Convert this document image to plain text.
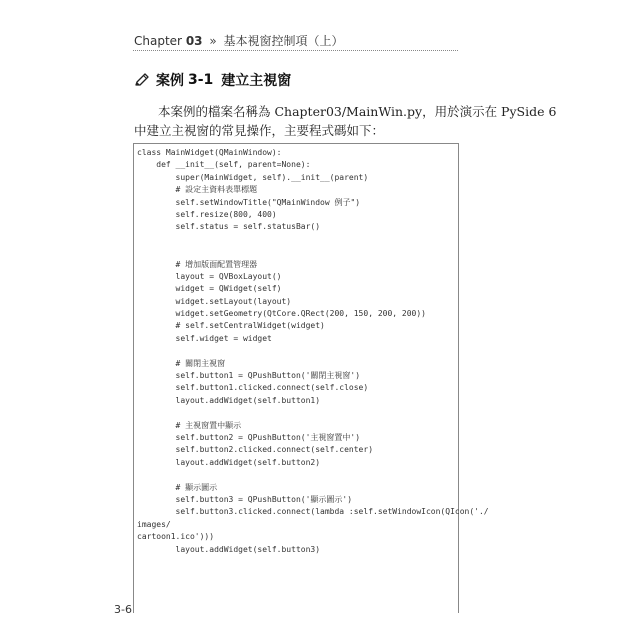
Chapter 03 » 基本視窗控制項（上）
案例 3-1 建立主視窗
本案例的檔案名稱為 Chapter03/MainWin.py，用於演示在 PySide 6
中建立主視窗的常見操作，主要程式碼如下：
class MainWidget(QMainWindow):
def __init__(self, parent=None):
super(MainWidget, self).__init__(parent)
# 設定主資料表單標題
self.setWindowTitle("QMainWindow 例子")
self.resize(800, 400)
self.status = self.statusBar()
# 增加版面配置管理器
layout = QVBoxLayout()
widget = QWidget(self)
widget.setLayout(layout)
widget.setGeometry(QtCore.QRect(200, 150, 200, 200))
# self.setCentralWidget(widget)
self.widget = widget
# 關閉主視窗
self.button1 = QPushButton('關閉主視窗')
self.button1.clicked.connect(self.close)
layout.addWidget(self.button1)
# 主視窗置中顯示
self.button2 = QPushButton('主視窗置中')
self.button2.clicked.connect(self.center)
layout.addWidget(self.button2)
# 顯示圖示
self.button3 = QPushButton('顯示圖示')
self.button3.clicked.connect(lambda :self.setWindowIcon(QIcon('./
images/
cartoon1.ico')))
layout.addWidget(self.button3)
3-6
